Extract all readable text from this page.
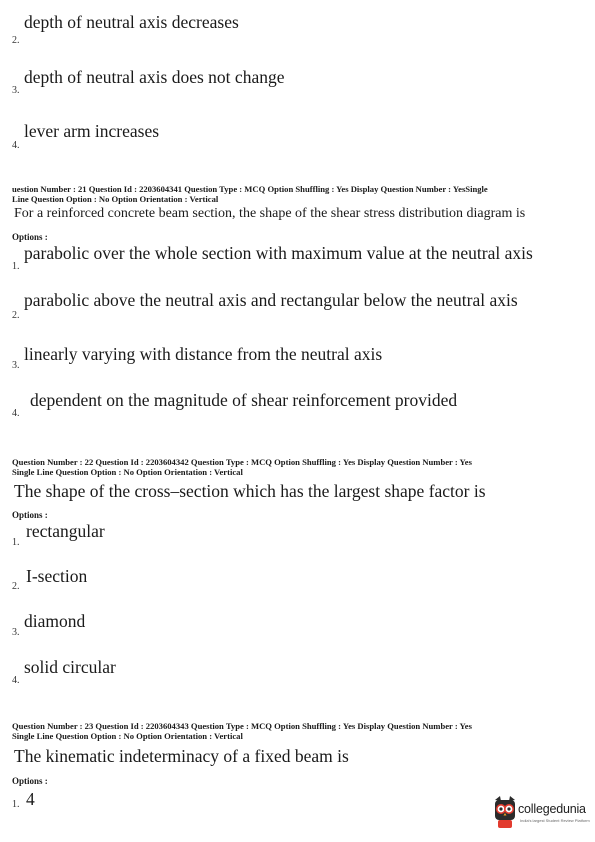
depth of neutral axis decreases
2.
depth of neutral axis does not change
3.
lever arm increases
4.
uestion Number : 21 Question Id : 2203604341 Question Type : MCQ Option Shuffling : Yes Display Question Number : YesSingle
Line Question Option : No Option Orientation : Vertical
For a reinforced concrete beam section, the shape of the shear stress distribution diagram is
Options :
parabolic over the whole section with maximum value at the neutral axis
1.
parabolic above the neutral axis and rectangular below the neutral axis
2.
linearly varying with distance from the neutral axis
3.
dependent on the magnitude of shear reinforcement provided
4.
Question Number : 22 Question Id : 2203604342 Question Type : MCQ Option Shuffling : Yes Display Question Number : Yes
Single Line Question Option : No Option Orientation : Vertical
The shape of the cross–section which has the largest shape factor is
Options :
rectangular
1.
I-section
2.
diamond
3.
solid circular
4.
Question Number : 23 Question Id : 2203604343 Question Type : MCQ Option Shuffling : Yes Display Question Number : Yes
Single Line Question Option : No Option Orientation : Vertical
The kinematic indeterminacy of a fixed beam is
Options :
4
1.	collegedunia
India's largest Student Review Platform
